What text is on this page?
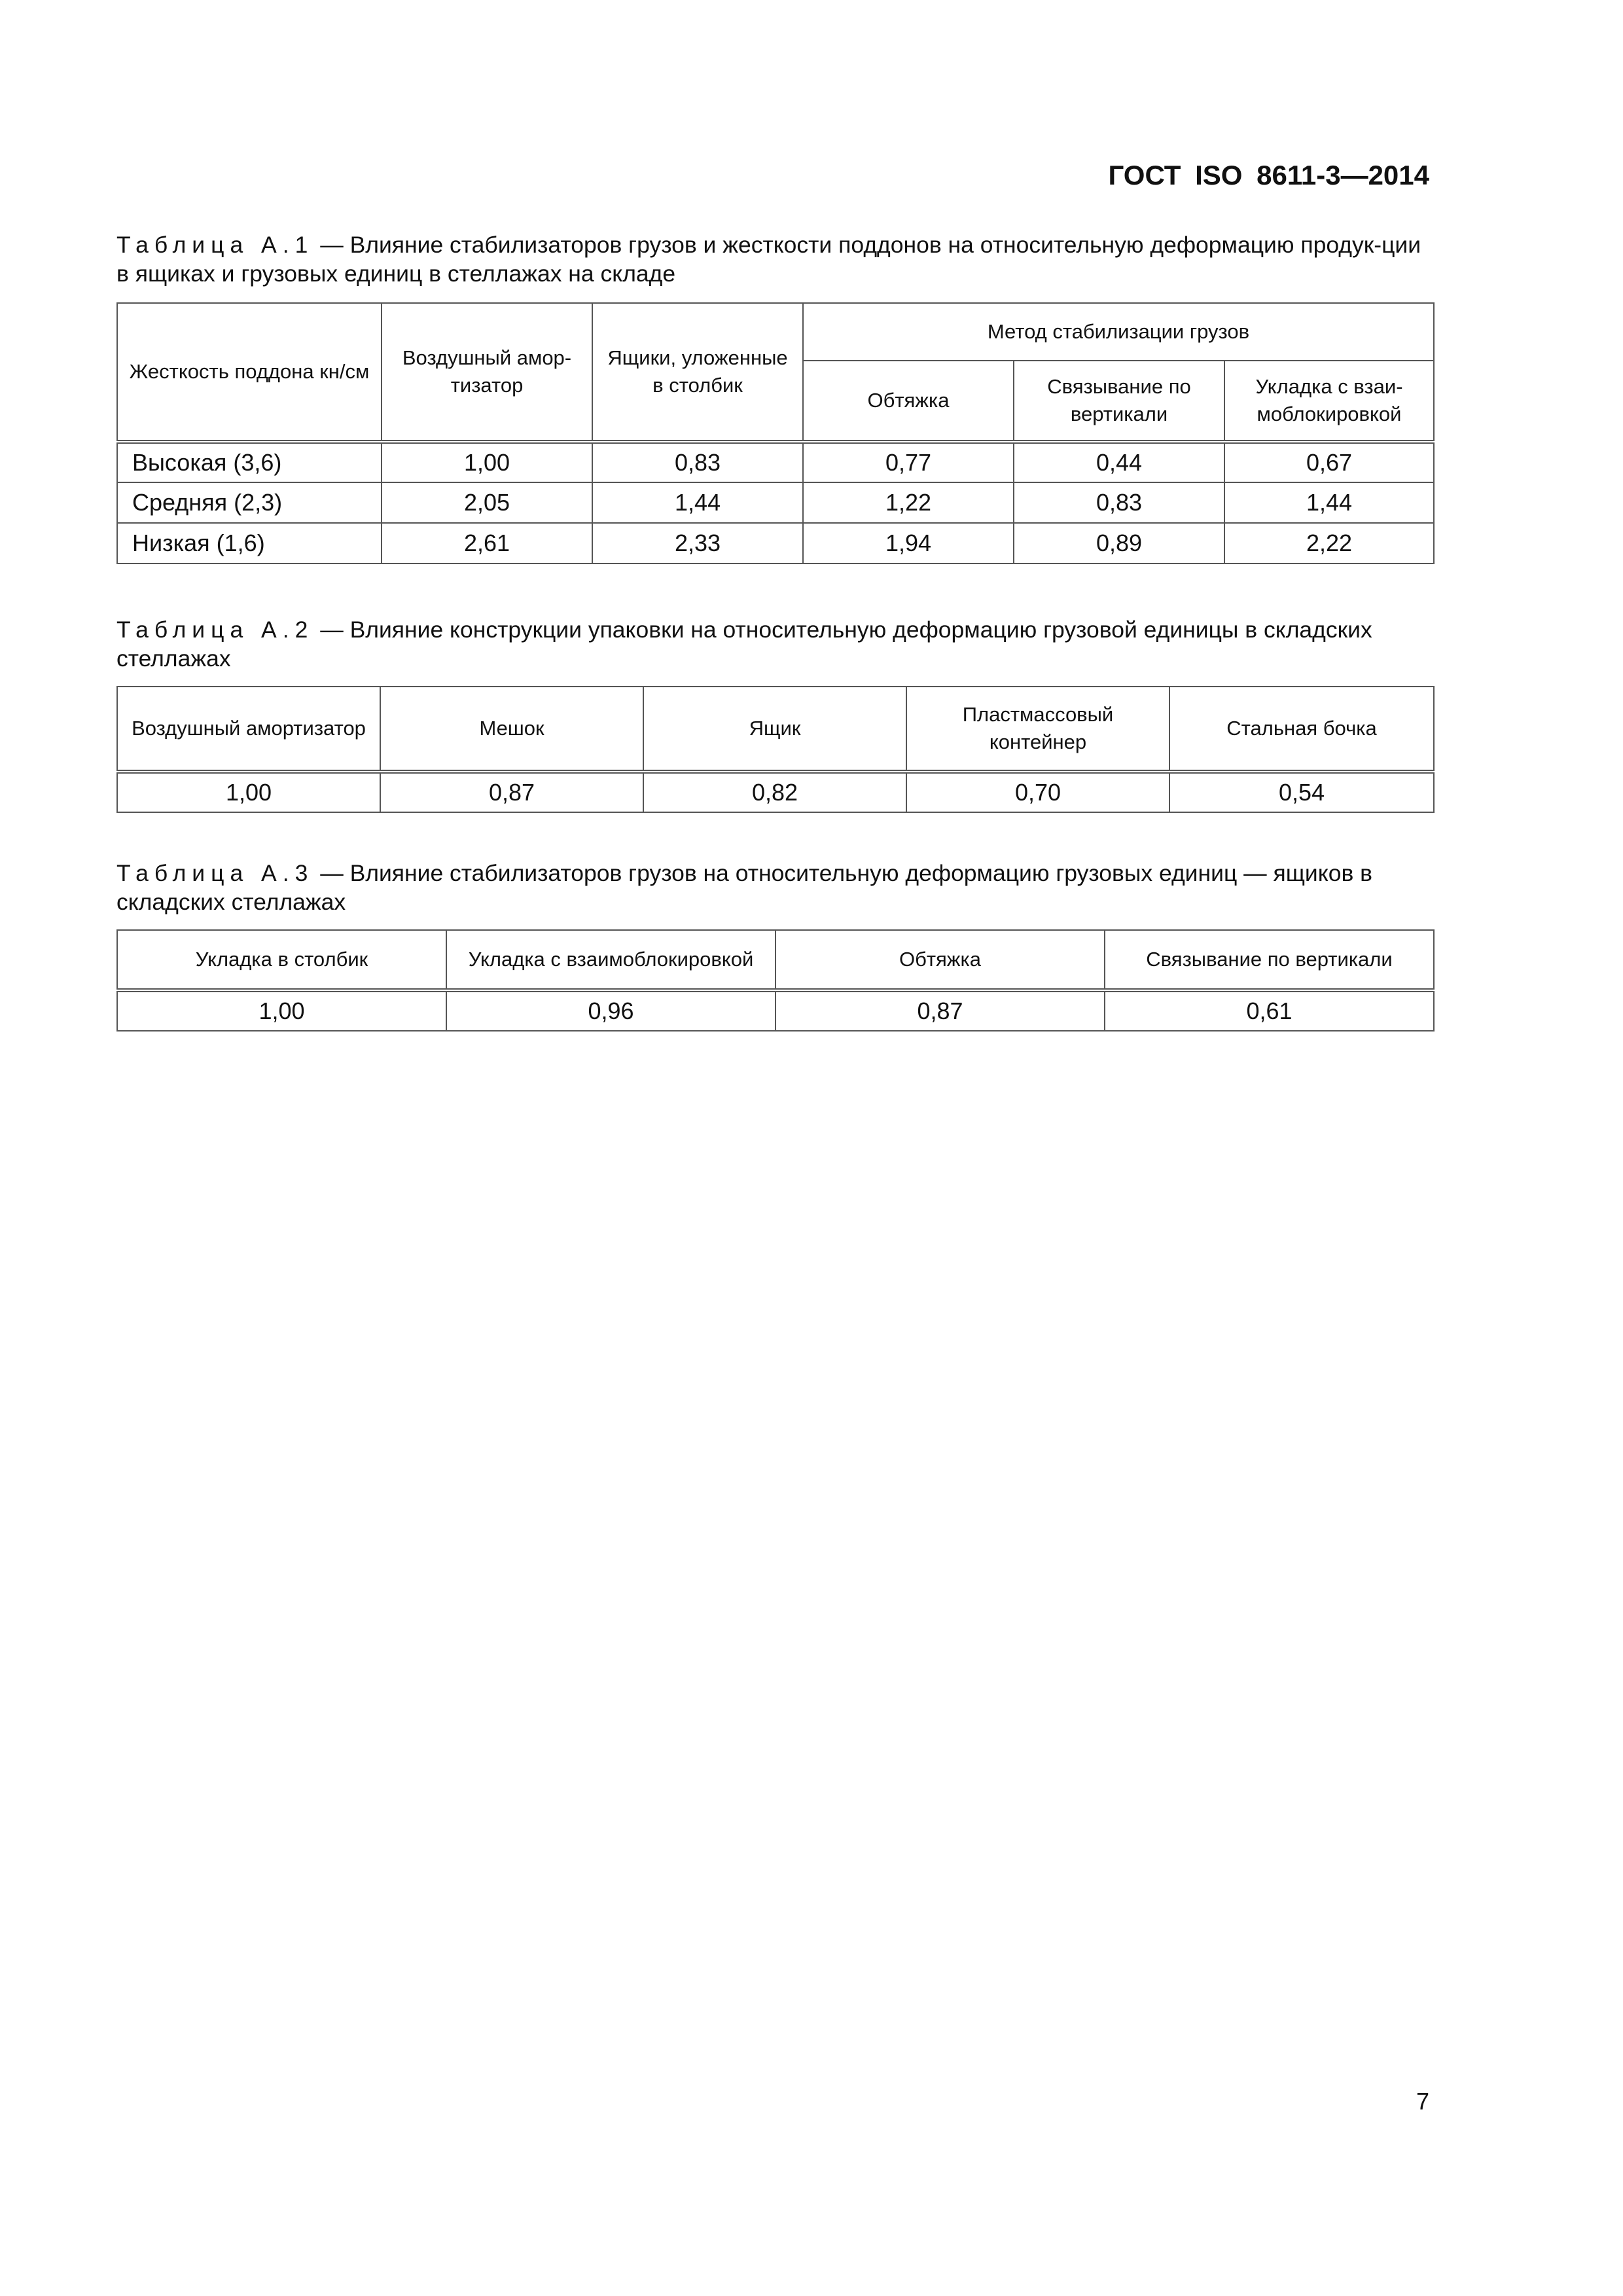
ГОСТ ISO 8611-3—2014
Таблица А.1 — Влияние стабилизаторов грузов и жесткости поддонов на относительную деформацию продук-ции в ящиках и грузовых единиц в стеллажах на складе
Жесткость поддона кн/см	Воздушный амор-тизатор	Ящики, уложенные в столбик	Метод стабилизации грузов		
			Обтяжка	Связывание по вертикали	Укладка с взаи-моблокировкой
Высокая (3,6)	1,00	0,83	0,77	0,44	0,67
Средняя (2,3)	2,05	1,44	1,22	0,83	1,44
Низкая (1,6)	2,61	2,33	1,94	0,89	2,22
Таблица А.2 — Влияние конструкции упаковки на относительную деформацию грузовой единицы в складских стеллажах
Воздушный амортизатор	Мешок	Ящик	Пластмассовый контейнер	Стальная бочка
1,00	0,87	0,82	0,70	0,54
Таблица А.3 — Влияние стабилизаторов грузов на относительную деформацию грузовых единиц — ящиков в складских стеллажах
Укладка в столбик	Укладка с взаимоблокировкой	Обтяжка	Связывание по вертикали
1,00	0,96	0,87	0,61
7
